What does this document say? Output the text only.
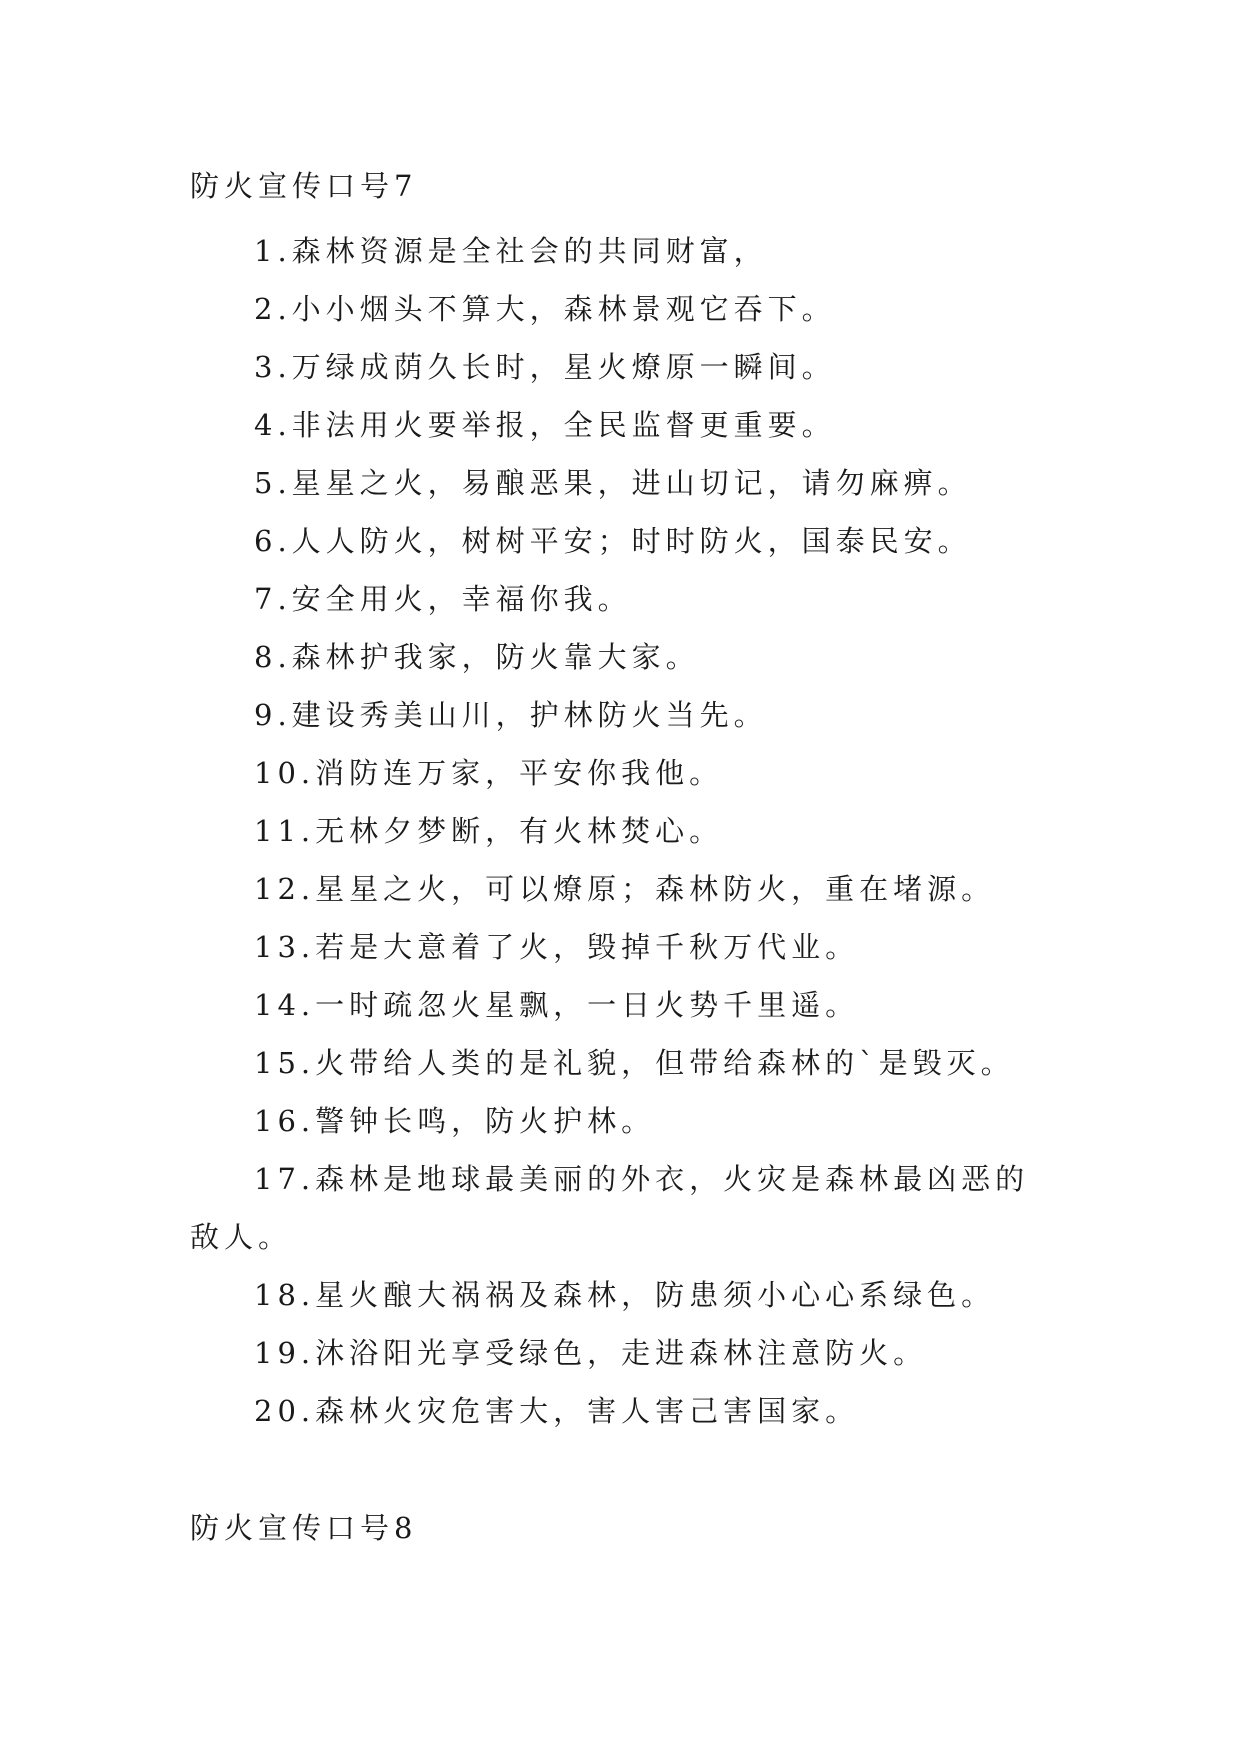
防火宣传口号7
1.森林资源是全社会的共同财富，
2.小小烟头不算大，森林景观它吞下。
3.万绿成荫久长时，星火燎原一瞬间。
4.非法用火要举报，全民监督更重要。
5.星星之火，易酿恶果，进山切记，请勿麻痹。
6.人人防火，树树平安；时时防火，国泰民安。
7.安全用火，幸福你我。
8.森林护我家，防火靠大家。
9.建设秀美山川，护林防火当先。
10.消防连万家，平安你我他。
11.无林夕梦断，有火林焚心。
12.星星之火，可以燎原；森林防火，重在堵源。
13.若是大意着了火，毁掉千秋万代业。
14.一时疏忽火星飘，一日火势千里遥。
15.火带给人类的是礼貌，但带给森林的`是毁灭。
16.警钟长鸣，防火护林。
17.森林是地球最美丽的外衣，火灾是森林最凶恶的敌人。
18.星火酿大祸祸及森林，防患须小心心系绿色。
19.沐浴阳光享受绿色，走进森林注意防火。
20.森林火灾危害大，害人害己害国家。
防火宣传口号8
